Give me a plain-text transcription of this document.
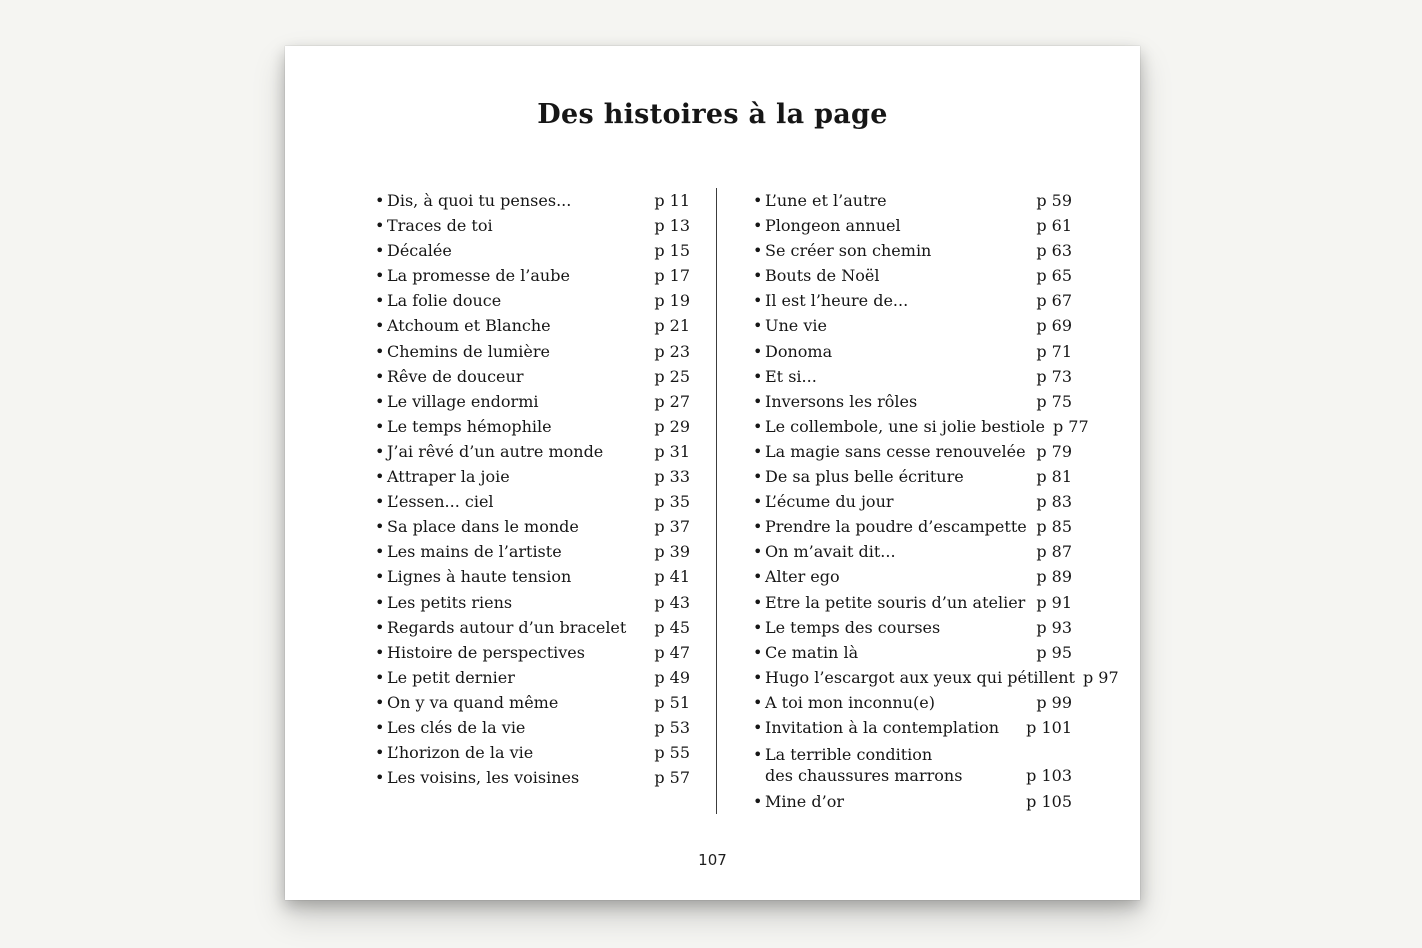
Des histoires à la page
• Dis, à quoi tu penses...	p 11
• Traces de toi	p 13
• Décalée	p 15
• La promesse de l’aube	p 17
• La folie douce	p 19
• Atchoum et Blanche	p 21
• Chemins de lumière	p 23
• Rêve de douceur	p 25
• Le village endormi	p 27
• Le temps hémophile	p 29
• J’ai rêvé d’un autre monde	p 31
• Attraper la joie	p 33
• L’essen... ciel	p 35
• Sa place dans le monde	p 37
• Les mains de l’artiste	p 39
• Lignes à haute tension	p 41
• Les petits riens	p 43
• Regards autour d’un bracelet	p 45
• Histoire de perspectives	p 47
• Le petit dernier	p 49
• On y va quand même	p 51
• Les clés de la vie	p 53
• L’horizon de la vie	p 55
• Les voisins, les voisines	p 57
• L’une et l’autre	p 59
• Plongeon annuel	p 61
• Se créer son chemin	p 63
• Bouts de Noël	p 65
• Il est l’heure de...	p 67
• Une vie	p 69
• Donoma	p 71
• Et si...	p 73
• Inversons les rôles	p 75
• Le collembole, une si jolie bestiole p 77
• La magie sans cesse renouvelée p 79
• De sa plus belle écriture	p 81
• L’écume du jour	p 83
• Prendre la poudre d’escampette p 85
• On m’avait dit...	p 87
• Alter ego	p 89
• Etre la petite souris d’un atelier p 91
• Le temps des courses	p 93
• Ce matin là	p 95
• Hugo l’escargot aux yeux qui pétillent p 97
• A toi mon inconnu(e)	p 99
• Invitation à la contemplation	p 101
• La terrible condition
des chaussures marrons	p 103
• Mine d’or	p 105
107
